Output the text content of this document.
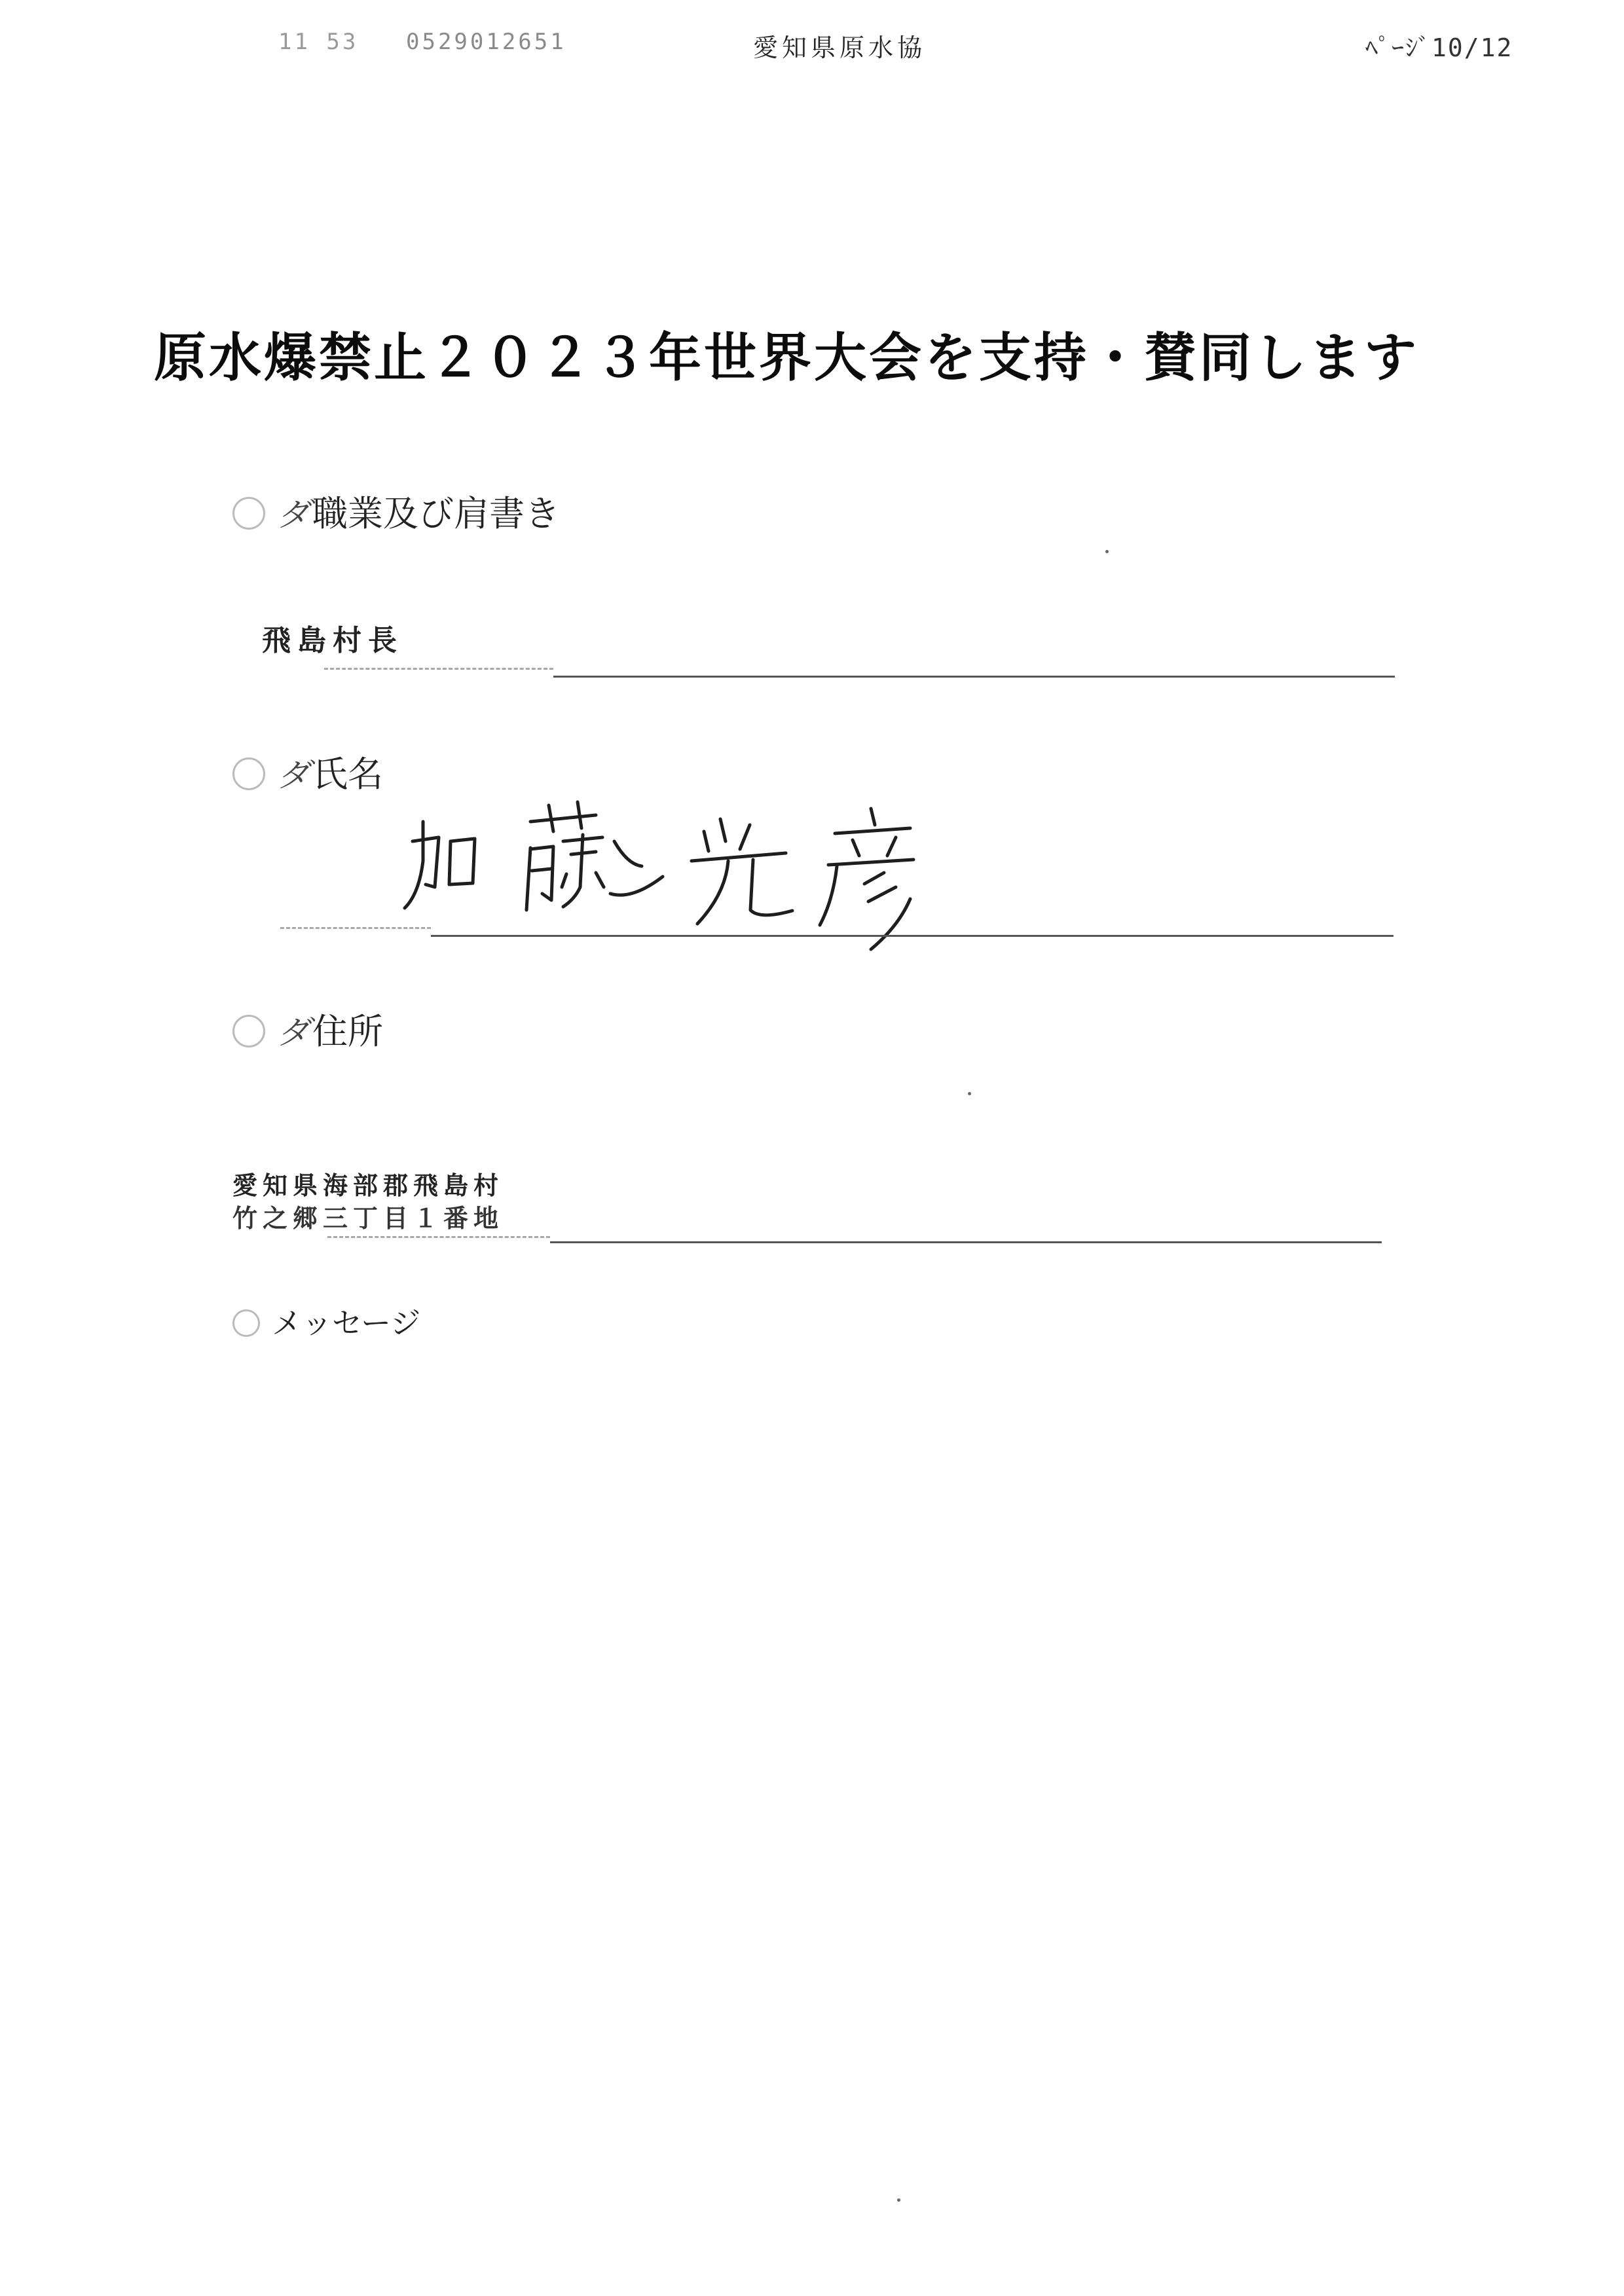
11 53 0529012651	愛知県原水協	ﾍﾟｰｼﾞ10/12
原水爆禁止２０２３年世界大会を支持・賛同します
ダ職業及び肩書き
飛島村長
ダ氏名
ダ住所
愛知県海部郡飛島村
竹之郷三丁目１番地
メッセージ
